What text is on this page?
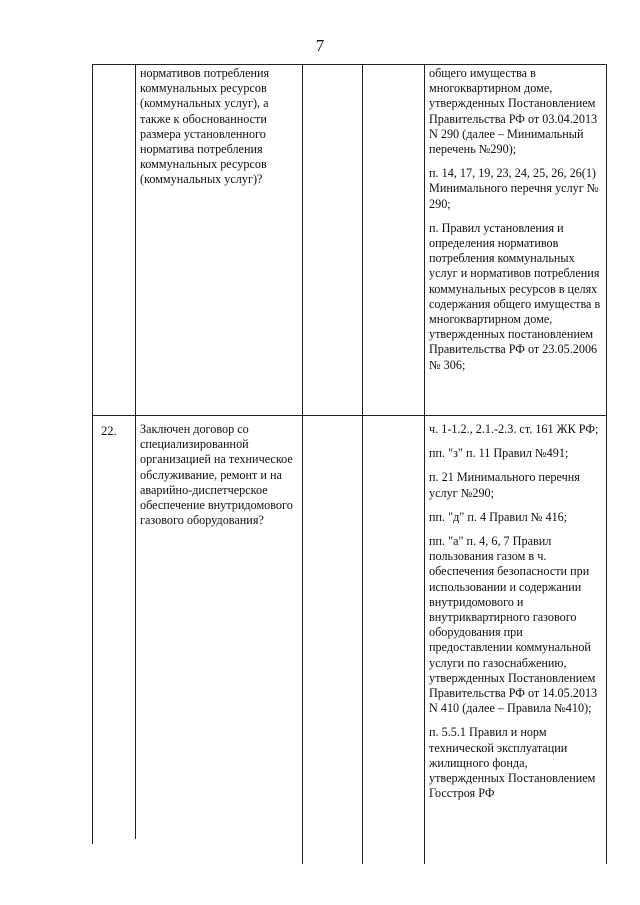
7

нормативов потребления коммунальных ресурсов (коммунальных услуг), а также к обоснованности размера установленного норматива потребления коммунальных ресурсов (коммунальных услуг)?

общего имущества в многоквартирном доме, утвержденных Постановлением Правительства РФ от 03.04.2013 N 290 (далее – Минимальный перечень №290);

п. 14, 17, 19, 23, 24, 25, 26, 26(1) Минимального перечня услуг № 290;

п. Правил установления и определения нормативов потребления коммунальных услуг и нормативов потребления коммунальных ресурсов в целях содержания общего имущества в многоквартирном доме, утвержденных постановлением Правительства РФ от 23.05.2006 № 306;

22. Заключен договор со специализированной организацией на техническое обслуживание, ремонт и на аварийно-диспетчерское обеспечение внутридомового газового оборудования?

ч. 1-1.2., 2.1.-2.3. ст. 161 ЖК РФ;

пп. "з" п. 11 Правил №491;

п. 21 Минимального перечня услуг №290;

пп. "д" п. 4 Правил № 416;

пп. "а" п. 4, 6, 7 Правил пользования газом в ч. обеспечения безопасности при использовании и содержании внутридомового и внутриквартирного газового оборудования при предоставлении коммунальной услуги по газоснабжению, утвержденных Постановлением Правительства РФ от 14.05.2013 N 410 (далее – Правила №410);

п. 5.5.1 Правил и норм технической эксплуатации жилищного фонда, утвержденных Постановлением Госстроя РФ
